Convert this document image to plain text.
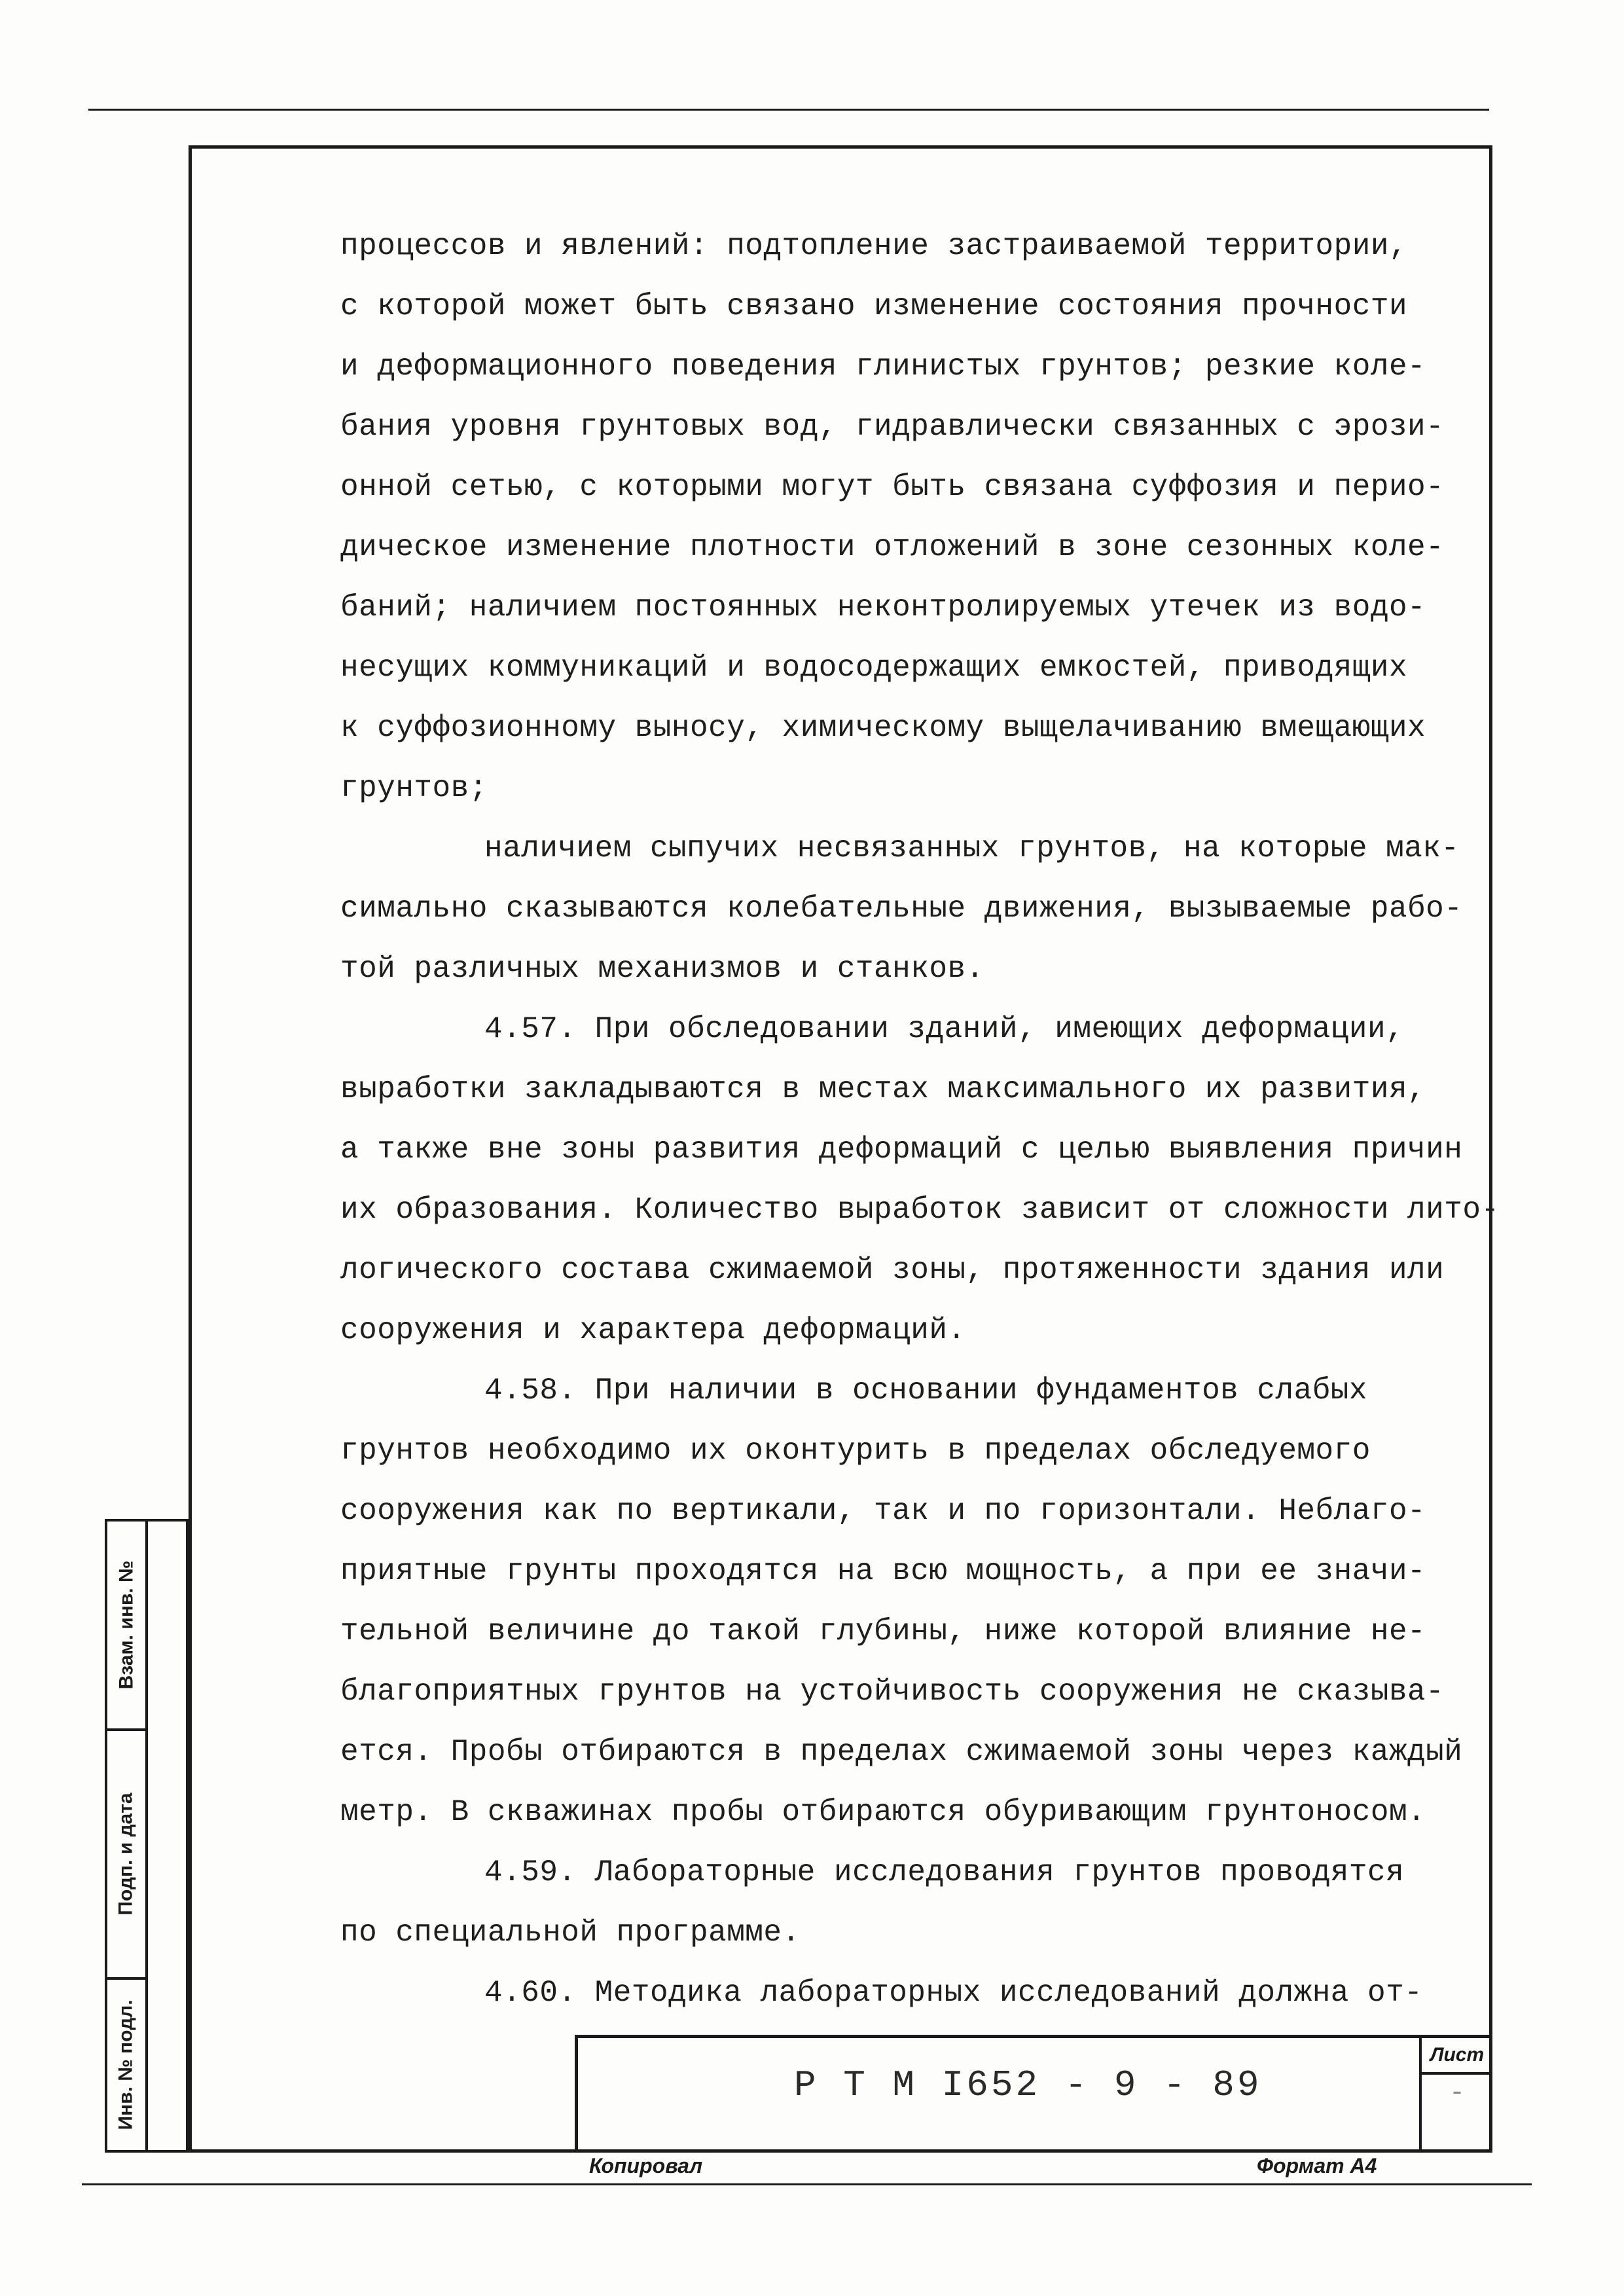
процессов и явлений: подтопление застраиваемой территории,

с которой может быть связано изменение состояния прочности

и деформационного поведения глинистых грунтов; резкие коле-

бания уровня грунтовых вод, гидравлически связанных с эрози-

онной сетью, с которыми могут быть связана суффозия и перио-

дическое изменение плотности отложений в зоне сезонных коле-

баний; наличием постоянных неконтролируемых утечек из водо-

несущих коммуникаций и водосодержащих емкостей, приводящих

к суффозионному выносу, химическому выщелачиванию вмещающих

грунтов;

наличием сыпучих несвязанных грунтов, на которые мак-

симально сказываются колебательные движения, вызываемые рабо-

той различных механизмов и станков.

4.57. При обследовании зданий, имеющих деформации,

выработки закладываются в местах максимального их развития,

а также вне зоны развития деформаций с целью выявления причин

их образования. Количество выработок зависит от сложности лито-

логического состава сжимаемой зоны, протяженности здания или

сооружения и характера деформаций.

4.58. При наличии в основании фундаментов слабых

грунтов необходимо их оконтурить в пределах обследуемого

сооружения как по вертикали, так и по горизонтали. Неблаго-

приятные грунты проходятся на всю мощность, а при ее значи-

тельной величине до такой глубины, ниже которой влияние не-

благоприятных грунтов на устойчивость сооружения не сказыва-

ется. Пробы отбираются в пределах сжимаемой зоны через каждый

метр. В скважинах пробы отбираются обуривающим грунтоносом.

4.59. Лабораторные исследования грунтов проводятся

по специальной программе.

4.60. Методика лабораторных исследований должна от-

Взам. инв. №
Подп. и дата
Инв. № подл.	Р Т М I652 - 9 - 89
Лист
-
Копировал	Формат А4
